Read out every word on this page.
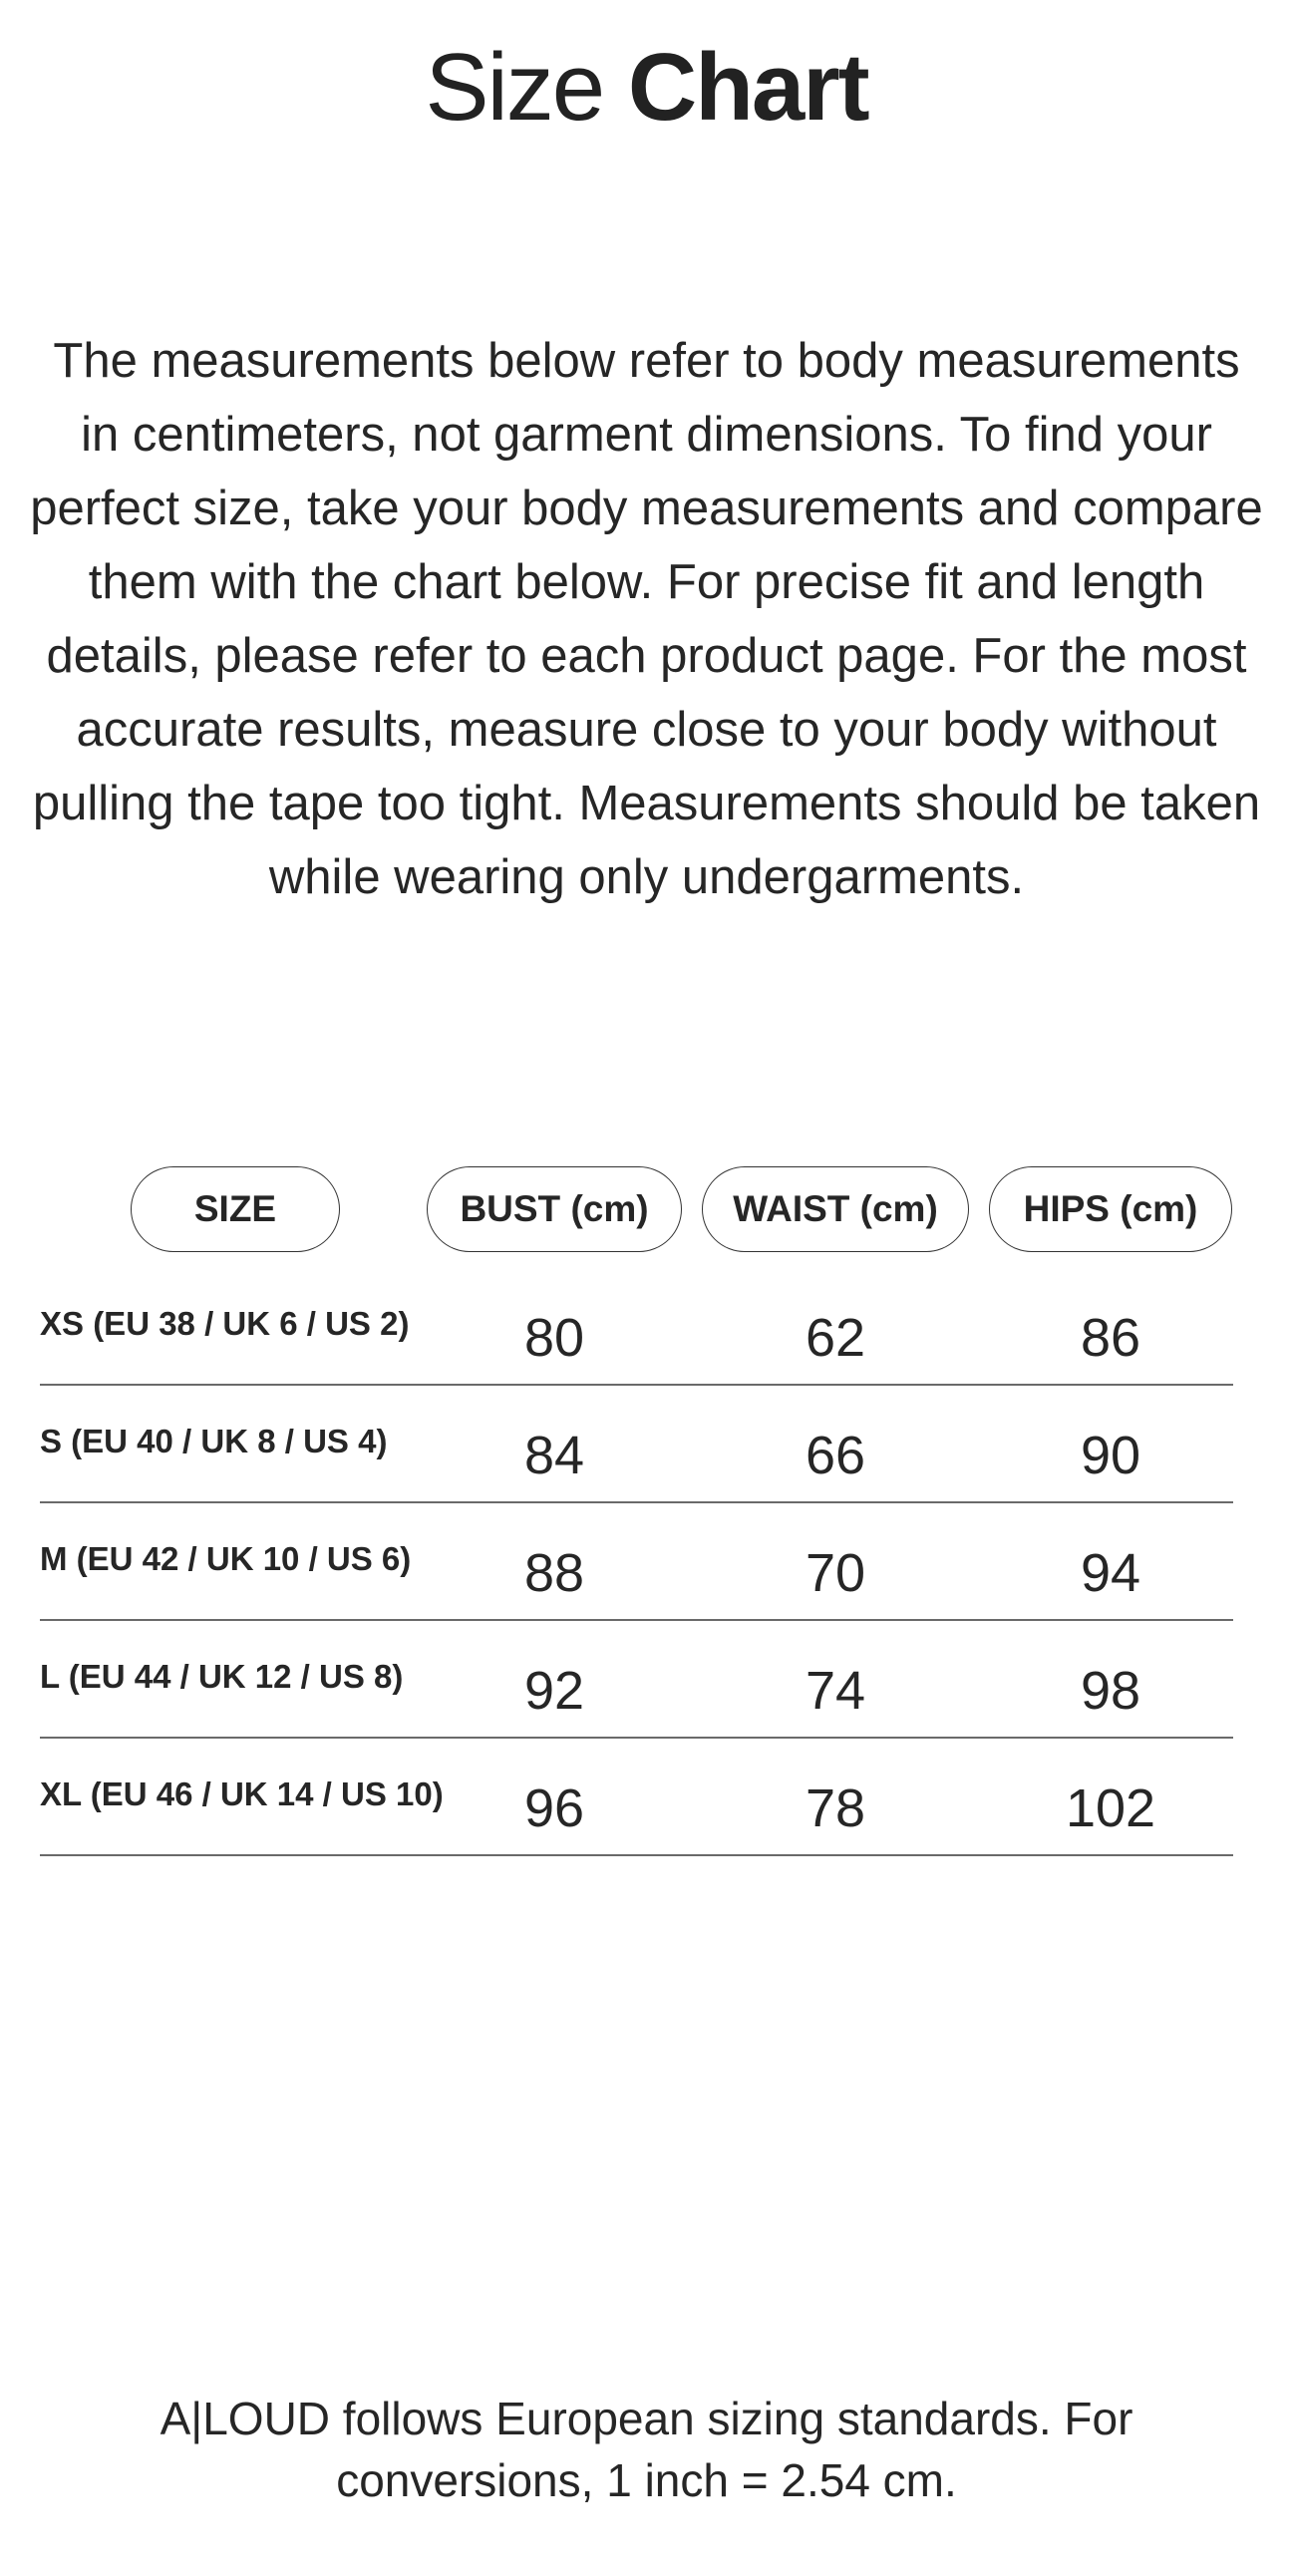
Size Chart

The measurements below refer to body measurements in centimeters, not garment dimensions. To find your perfect size, take your body measurements and compare them with the chart below. For precise fit and length details, please refer to each product page. For the most accurate results, measure close to your body without pulling the tape too tight. Measurements should be taken while wearing only undergarments.

SIZE	BUST (cm)	WAIST (cm)	HIPS (cm)
XS (EU 38 / UK 6 / US 2)	80	62	86
S (EU 40 / UK 8 / US 4)	84	66	90
M (EU 42 / UK 10 / US 6)	88	70	94
L (EU 44 / UK 12 / US 8)	92	74	98
XL (EU 46 / UK 14 / US 10)	96	78	102

A|LOUD follows European sizing standards. For conversions, 1 inch = 2.54 cm.
